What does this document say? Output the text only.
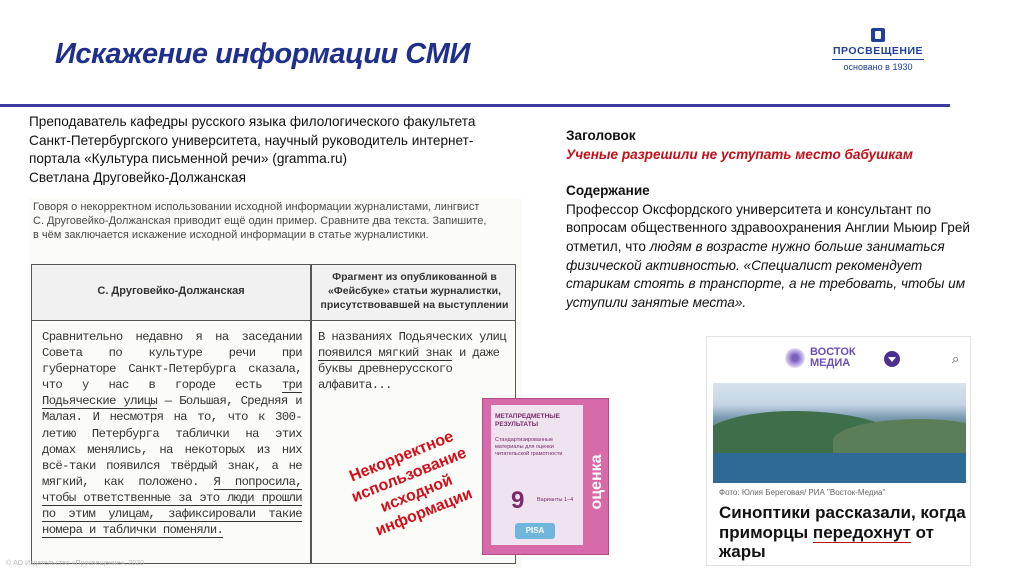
Искажение информации СМИ	ПРОСВЕЩЕНИЕ
основано в 1930
Преподаватель кафедры русского языка филологического факультета
Санкт-Петербургского университета, научный руководитель интернет-
портала «Культура письменной речи» (gramma.ru)
Светлана Друговейко-Должанская
Говоря о некорректном использовании исходной информации журналистами, лингвист
С. Друговейко-Должанская приводит ещё один пример. Сравните два текста. Запишите,
в чём заключается искажение исходной информации в статье журналистики.
С. Друговейко-Должанская
Фрагмент из опубликованной в «Фейсбуке» статьи журналистки, присутствовавшей на выступлении
Сравнительно недавно я на заседании Совета по культуре речи при губернаторе Санкт-Петербурга сказала, что у нас в городе есть три Подьяческие улицы — Большая, Средняя и Малая. И несмотря на то, что к 300-летию Петербурга таблички на этих домах менялись, на некоторых из них всё-таки появился твёрдый знак, а не мягкий, как положено. Я попросила, чтобы ответственные за это люди прошли по этим улицам, зафиксировали такие номера и таблички поменяли.
В названиях Подьяческих улиц появился мягкий знак и даже буквы древнерусского алфавита...
Некорректное использование исходной информации
МЕТАПРЕДМЕТНЫЕ РЕЗУЛЬТАТЫ
Стандартизированные материалы для оценки читательской грамотности
9 Варианты 1–4
PISA
оценка
Заголовок
Ученые разрешили не уступать место бабушкам
Содержание
Профессор Оксфордского университета и консультант по вопросам общественного здравоохранения Англии Мьюир Грей отметил, что людям в возрасте нужно больше заниматься физической активностью. «Специалист рекомендует старикам стоять в транспорте, а не требовать, чтобы им уступили занятые места».
ВОСТОК
МЕДИА	⌕
Фото: Юлия Береговая/ РИА "Восток-Медиа"
Синоптики рассказали, когда приморцы передохнут от жары
© АО Издательство «Просвещение», 2020
